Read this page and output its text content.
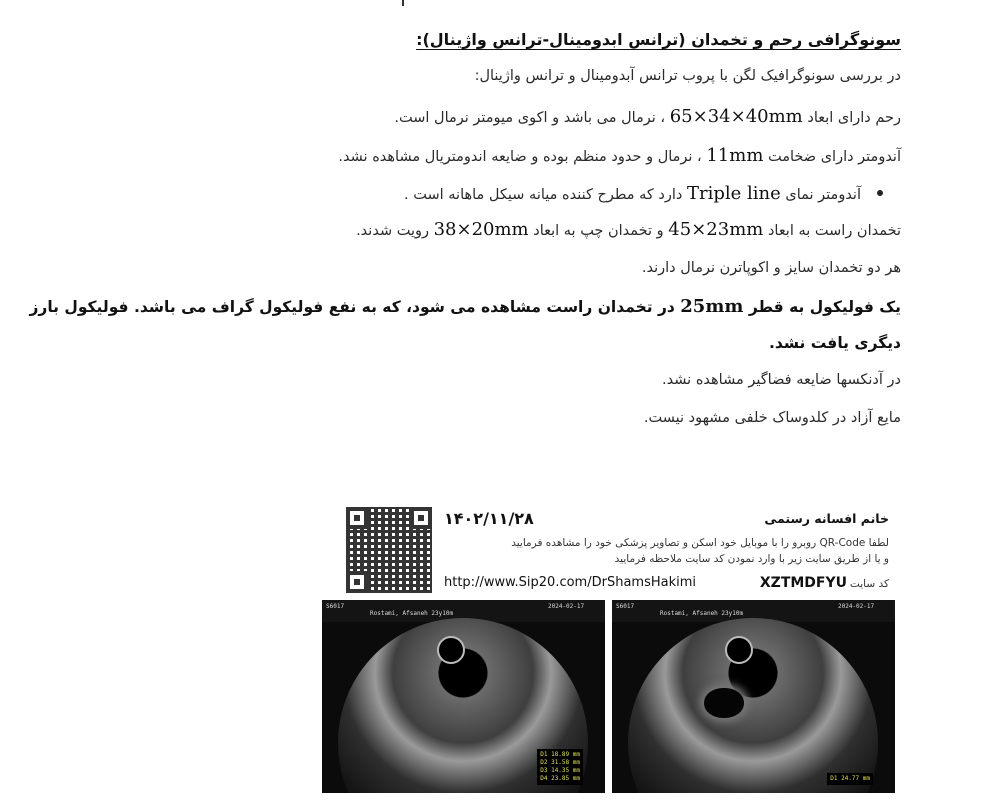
سونوگرافی رحم و تخمدان (ترانس ابدومینال-ترانس واژینال):
در بررسی سونوگرافیک لگن با پروب ترانس آبدومینال و ترانس واژینال:
رحم دارای ابعاد 65×34×40mm ، نرمال می باشد و اکوی میومتر نرمال است.
آندومتر دارای ضخامت 11mm ، نرمال و حدود منظم بوده و ضایعه اندومتریال مشاهده نشد.
آندومتر نمای Triple line دارد که مطرح کننده میانه سیکل ماهانه است .
تخمدان راست به ابعاد 45×23mm و تخمدان چپ به ابعاد 38×20mm رویت شدند.
هر دو تخمدان سایز و اکوپاترن نرمال دارند.
یک فولیکول به قطر 25mm در تخمدان راست مشاهده می شود، که به نفع فولیکول گراف می باشد. فولیکول بارز
دیگری یافت نشد.
در آدنکسها ضایعه فضاگیر مشاهده نشد.
مایع آزاد در کلدوساک خلفی مشهود نیست.
۱۴۰۲/۱۱/۲۸	خانم افسانه رستمی
لطفا QR-Code روبرو را با موبایل خود اسکن و تصاویر پزشکی خود را مشاهده فرمایید
و یا از طریق سایت زیر با وارد نمودن کد سایت ملاحظه فرمایید
http://www.Sip20.com/DrShamsHakimi	کد سایت
XZTMDFYU
S6017
Rostami, Afsaneh 23y10m
2024-02-17
D1 18.89 mm
D2 31.58 mm
D3 14.35 mm
D4 23.85 mm
S6017
Rostami, Afsaneh 23y10m
2024-02-17
D1 24.77 mm
